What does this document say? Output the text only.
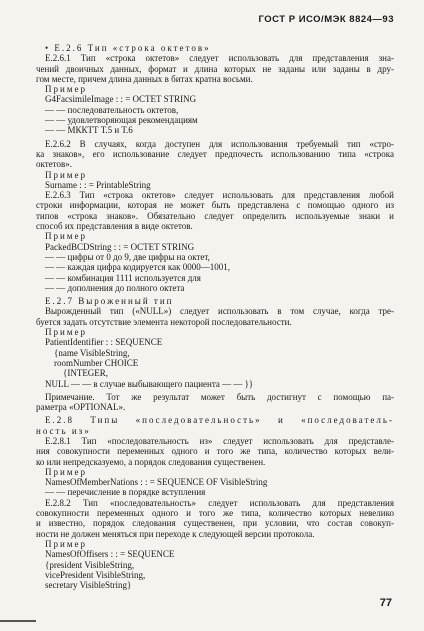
ГОСТ Р ИСО/МЭК 8824—93
• E.2.6 Тип «строка октетов»
E.2.6.1 Тип «строка октетов» следует использовать для представления зна-
чений двоичных данных, формат и длина которых не заданы или заданы в дру-
гом месте, причем длина данных в битах кратна восьми.
Пример
G4FacsimileImage : : = OCTET STRING
— — последовательность октетов,
— — удовлетворяющая рекомендациям
— — МККТТ Т.5 и Т.6
E.2.6.2 В случаях, когда доступен для использования требуемый тип «стро-
ка знаков», его использование следует предпочесть использованию типа «строка
октетов».
Пример
Surname : : = PrintableString
E.2.6.3 Тип «строка октетов» следует использовать для представления любой
строки информации, которая не может быть представлена с помощью одного из
типов «строка знаков». Обязательно следует определить используемые знаки и
способ их представления в виде октетов.
Пример
PackedBCDString : : = OCTET STRING
— — цифры от 0 до 9, две цифры на октет,
— — каждая цифра кодируется как 0000—1001,
— — комбинация 1111 используется для
— — дополнения до полного октета
E.2.7 Выроженный тип
Вырожденный тип («NULL») следует использовать в том случае, когда тре-
буется задать отсутствие элемента некоторой последовательности.
Пример
PatientIdentifier : : SEQUENCE
{name VisibleString,
roomNumber CHOICE
{INTEGER,
NULL — — в случае выбывающего пациента — — }}
Примечание. Тот же результат может быть достигнут с помощью па-
раметра «OPTIONAL».
E.2.8 Типы «последовательность» и «последователь-
ность из»
E.2.8.1 Тип «последовательность из» следует использовать для представле-
ния совокупности переменных одного и того же типа, количество которых вели-
ко или непредсказуемо, а порядок следования существенен.
Пример
NamesOfMemberNations : : = SEQUENCE OF VisibleString
— — перечисление в порядке вступления
E.2.8.2 Тип «последовательность» следует использовать для представления
совокупности переменных одного и того же типа, количество которых невелико
и известно, порядок следования существенен, при условии, что состав совокуп-
ности не должен меняться при переходе к следующей версии протокола.
Пример
NamesOfOffisers : : = SEQUENCE
{president VisibleString,
vicePresident VisibleString,
secretary VisibleString}
77
